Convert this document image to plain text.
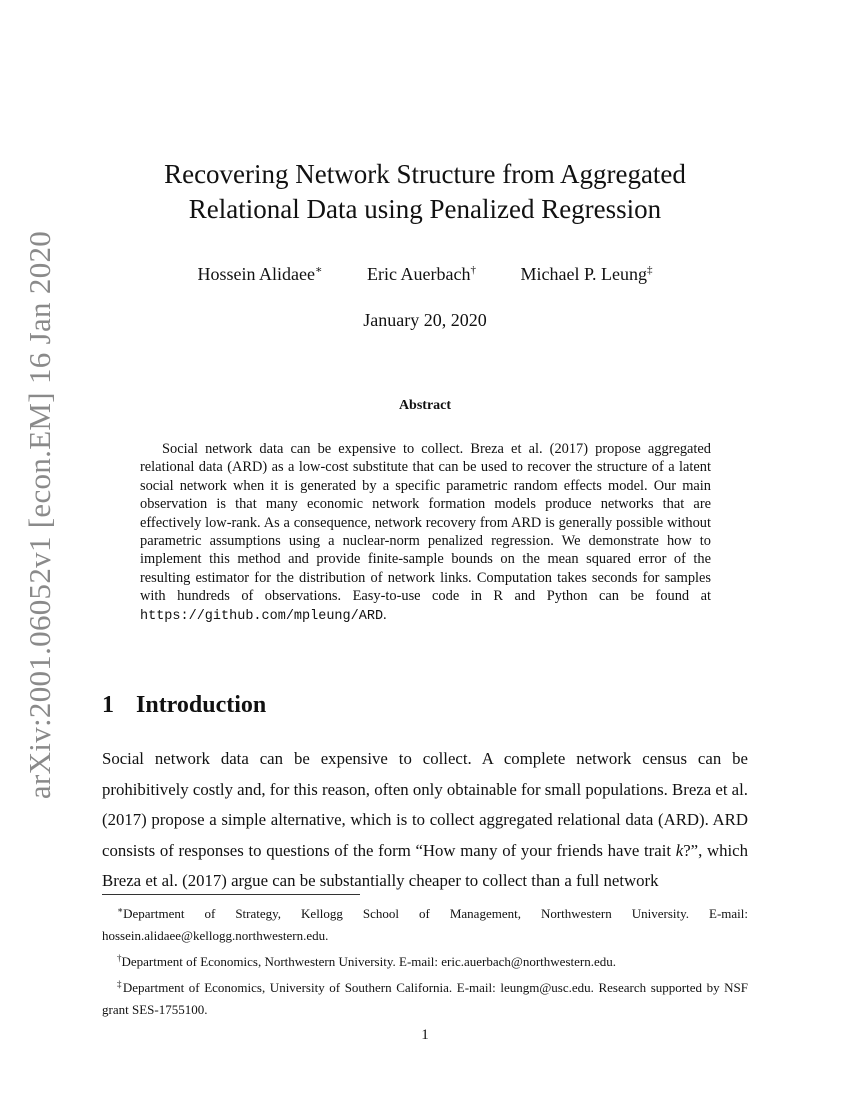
arXiv:2001.06052v1 [econ.EM] 16 Jan 2020
Recovering Network Structure from Aggregated
Relational Data using Penalized Regression
Hossein Alidaee∗ Eric Auerbach† Michael P. Leung‡
January 20, 2020
Abstract

Social network data can be expensive to collect. Breza et al. (2017) propose aggregated relational data (ARD) as a low-cost substitute that can be used to recover the structure of a latent social network when it is generated by a specific parametric random effects model. Our main observation is that many economic network formation models produce networks that are effectively low-rank. As a consequence, network recovery from ARD is generally possible without parametric assumptions using a nuclear-norm penalized regression. We demonstrate how to implement this method and provide finite-sample bounds on the mean squared error of the resulting estimator for the distribution of network links. Computation takes seconds for samples with hundreds of observations. Easy-to-use code in R and Python can be found at https://github.com/mpleung/ARD.

1 Introduction

Social network data can be expensive to collect. A complete network census can be prohibitively costly and, for this reason, often only obtainable for small populations. Breza et al. (2017) propose a simple alternative, which is to collect aggregated relational data (ARD). ARD consists of responses to questions of the form “How many of your friends have trait k?”, which Breza et al. (2017) argue can be substantially cheaper to collect than a full network

∗Department of Strategy, Kellogg School of Management, Northwestern University. E-mail: hossein.alidaee@kellogg.northwestern.edu.

†Department of Economics, Northwestern University. E-mail: eric.auerbach@northwestern.edu.

‡Department of Economics, University of Southern California. E-mail: leungm@usc.edu. Research supported by NSF grant SES-1755100.

1
